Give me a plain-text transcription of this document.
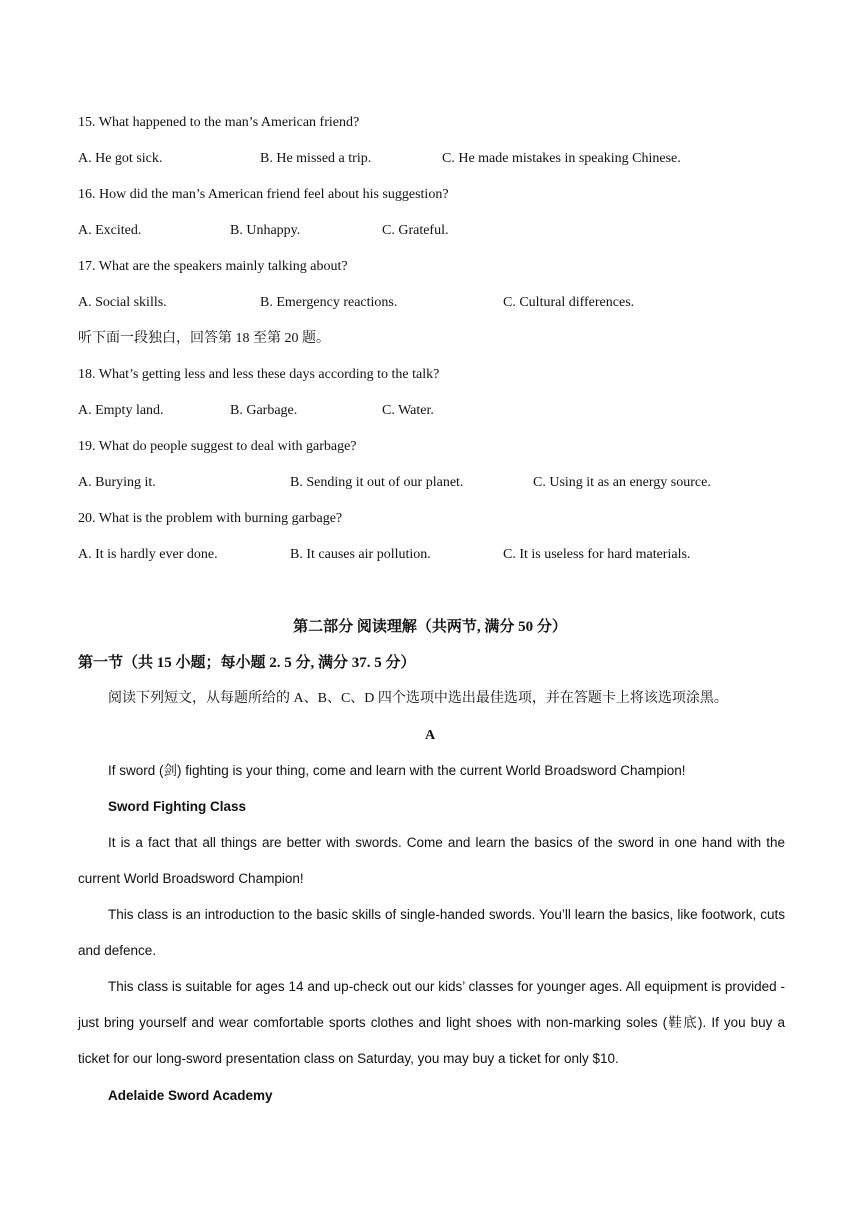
15. What happened to the man’s American friend?
A. He got sick.	B. He missed a trip.	C. He made mistakes in speaking Chinese.
16. How did the man’s American friend feel about his suggestion?
A. Excited.	B. Unhappy.	C. Grateful.
17. What are the speakers mainly talking about?
A. Social skills.	B. Emergency reactions.	C. Cultural differences.
听下面一段独白，回答第 18 至第 20 题。
18. What’s getting less and less these days according to the talk?
A. Empty land.	B. Garbage.	C. Water.
19. What do people suggest to deal with garbage?
A. Burying it.	B. Sending it out of our planet.	C. Using it as an energy source.
20. What is the problem with burning garbage?
A. It is hardly ever done.	B. It causes air pollution.	C. It is useless for hard materials.
第二部分 阅读理解（共两节, 满分 50 分）
第一节（共 15 小题；每小题 2. 5 分, 满分 37. 5 分）
阅读下列短文，从每题所给的 A、B、C、D 四个选项中选出最佳选项，并在答题卡上将该选项涂黑。
A
If sword (剑) fighting is your thing, come and learn with the current World Broadsword Champion!
Sword Fighting Class
It is a fact that all things are better with swords. Come and learn the basics of the sword in one hand with the current World Broadsword Champion!
This class is an introduction to the basic skills of single-handed swords. You’ll learn the basics, like footwork, cuts and defence.
This class is suitable for ages 14 and up-check out our kids’ classes for younger ages. All equipment is provided - just bring yourself and wear comfortable sports clothes and light shoes with non-marking soles (鞋底). If you buy a ticket for our long-sword presentation class on Saturday, you may buy a ticket for only $10.
Adelaide Sword Academy
